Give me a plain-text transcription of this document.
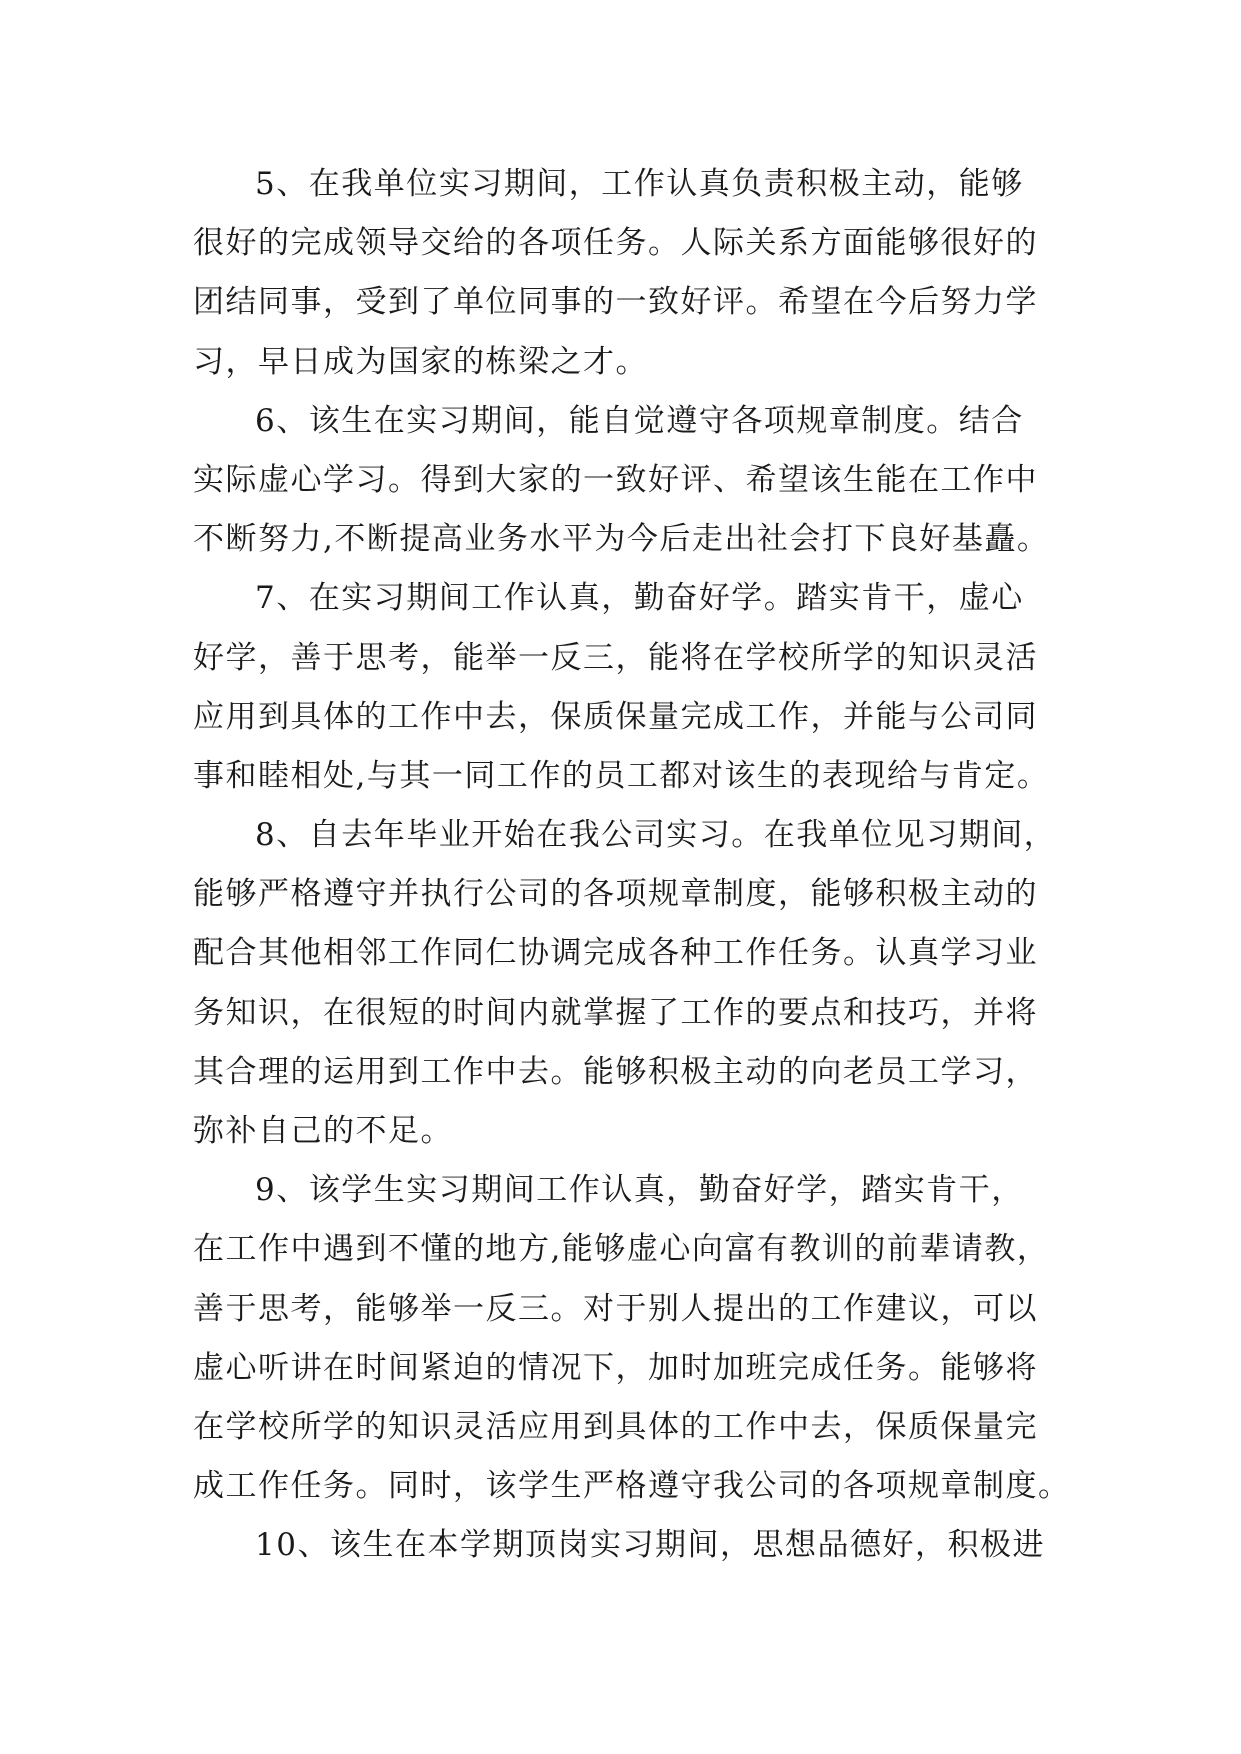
5、在我单位实习期间，工作认真负责积极主动，能够
很好的完成领导交给的各项任务。人际关系方面能够很好的
团结同事，受到了单位同事的一致好评。希望在今后努力学
习，早日成为国家的栋梁之才。
6、该生在实习期间，能自觉遵守各项规章制度。结合
实际虚心学习。得到大家的一致好评、希望该生能在工作中
不断努力,不断提高业务水平为今后走出社会打下良好基矗。
7、在实习期间工作认真，勤奋好学。踏实肯干，虚心
好学，善于思考，能举一反三，能将在学校所学的知识灵活
应用到具体的工作中去，保质保量完成工作，并能与公司同
事和睦相处,与其一同工作的员工都对该生的表现给与肯定。
8、自去年毕业开始在我公司实习。在我单位见习期间，
能够严格遵守并执行公司的各项规章制度，能够积极主动的
配合其他相邻工作同仁协调完成各种工作任务。认真学习业
务知识，在很短的时间内就掌握了工作的要点和技巧，并将
其合理的运用到工作中去。能够积极主动的向老员工学习，
弥补自己的不足。
9、该学生实习期间工作认真，勤奋好学，踏实肯干，
在工作中遇到不懂的地方,能够虚心向富有教训的前辈请教，
善于思考，能够举一反三。对于别人提出的工作建议，可以
虚心听讲在时间紧迫的情况下，加时加班完成任务。能够将
在学校所学的知识灵活应用到具体的工作中去，保质保量完
成工作任务。同时，该学生严格遵守我公司的各项规章制度。
10、该生在本学期顶岗实习期间，思想品德好，积极进
